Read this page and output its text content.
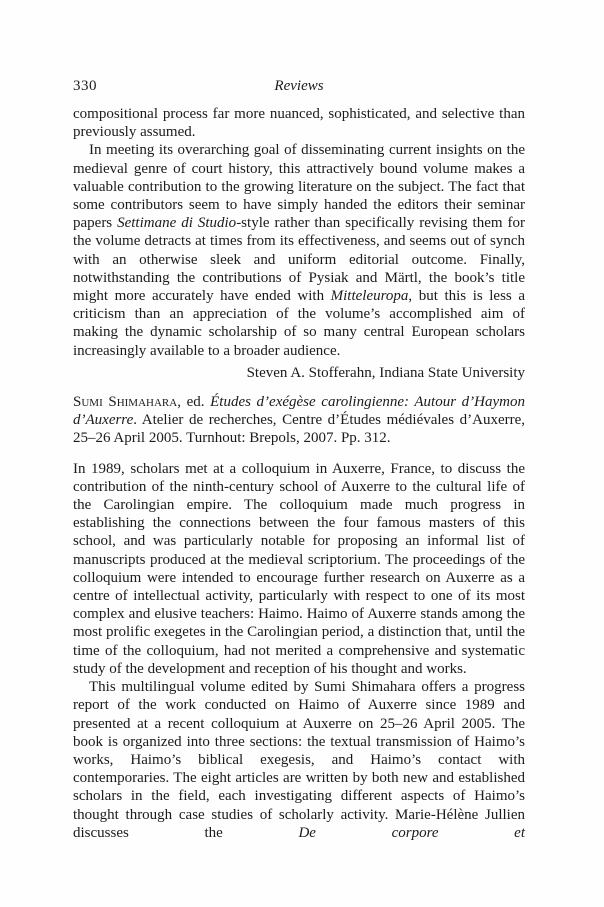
330	Reviews

compositional process far more nuanced, sophisticated, and selective than previously assumed.

In meeting its overarching goal of disseminating current insights on the medieval genre of court history, this attractively bound volume makes a valuable contribution to the growing literature on the subject. The fact that some contributors seem to have simply handed the editors their seminar papers Settimane di Studio-style rather than specifically revising them for the volume detracts at times from its effectiveness, and seems out of synch with an otherwise sleek and uniform editorial outcome. Finally, notwithstanding the contributions of Pysiak and Märtl, the book’s title might more accurately have ended with Mitteleuropa, but this is less a criticism than an appreciation of the volume’s accomplished aim of making the dynamic scholarship of so many central European scholars increasingly available to a broader audience.

Steven A. Stofferahn, Indiana State University

Sumi Shimahara, ed. Études d’exégèse carolingienne: Autour d’Haymon d’Auxerre. Atelier de recherches, Centre d’Études médiévales d’Auxerre, 25–26 April 2005. Turnhout: Brepols, 2007. Pp. 312.

In 1989, scholars met at a colloquium in Auxerre, France, to discuss the contribution of the ninth-century school of Auxerre to the cultural life of the Carolingian empire. The colloquium made much progress in establishing the connections between the four famous masters of this school, and was particularly notable for proposing an informal list of manuscripts produced at the medieval scriptorium. The proceedings of the colloquium were intended to encourage further research on Auxerre as a centre of intellectual activity, particularly with respect to one of its most complex and elusive teachers: Haimo. Haimo of Auxerre stands among the most prolific exegetes in the Carolingian period, a distinction that, until the time of the colloquium, had not merited a comprehensive and systematic study of the development and reception of his thought and works.

This multilingual volume edited by Sumi Shimahara offers a progress report of the work conducted on Haimo of Auxerre since 1989 and presented at a recent colloquium at Auxerre on 25–26 April 2005. The book is organized into three sections: the textual transmission of Haimo’s works, Haimo’s biblical exegesis, and Haimo’s contact with contemporaries. The eight articles are written by both new and established scholars in the field, each investigating different aspects of Haimo’s thought through case studies of scholarly activity. Marie-Hélène Jullien discusses the De corpore et
